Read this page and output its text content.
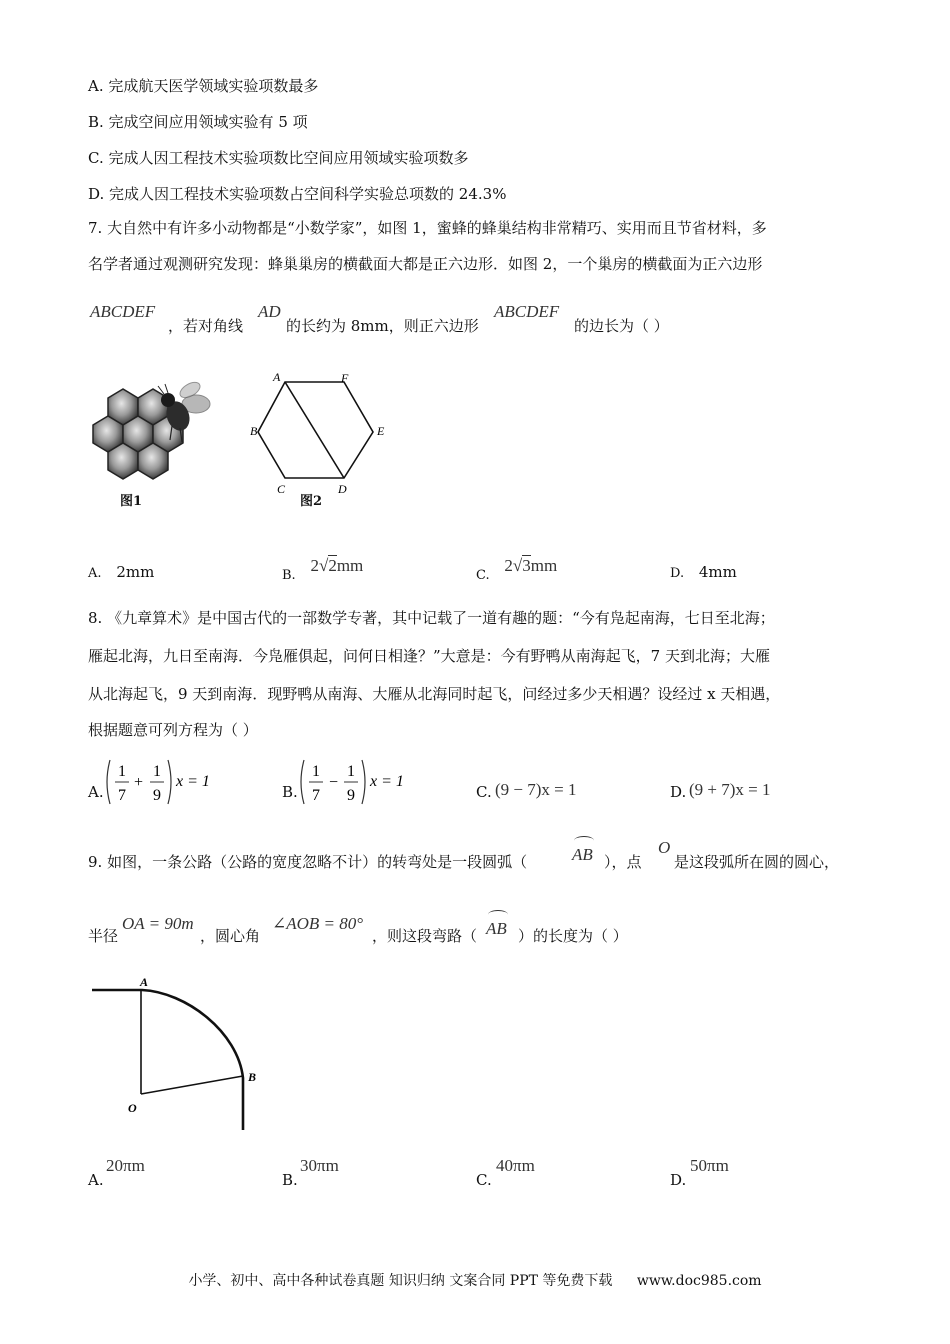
A. 完成航天医学领域实验项数最多
B. 完成空间应用领域实验有 5 项
C. 完成人因工程技术实验项数比空间应用领域实验项数多
D. 完成人因工程技术实验项数占空间科学实验总项数的 24.3%
7. 大自然中有许多小动物都是“小数学家”，如图 1，蜜蜂的蜂巢结构非常精巧、实用而且节省材料，多
名学者通过观测研究发现：蜂巢巢房的横截面大都是正六边形．如图 2，一个巢房的横截面为正六边形
ABCDEF
，若对角线
AD
的长约为 8mm，则正六边形
ABCDEF
的边长为（ ）
图1
A	F
B	E
C	D
图2
A. 2mm	B. 2√2mm
C. 2√3mm	D. 4mm
8. 《九章算术》是中国古代的一部数学专著，其中记载了一道有趣的题：“今有凫起南海，七日至北海；
雁起北海，九日至南海．今凫雁俱起，问何日相逢？”大意是：今有野鸭从南海起飞，7 天到北海；大雁
从北海起飞，9 天到南海．现野鸭从南海、大雁从北海同时起飞，问经过多少天相遇？设经过 x 天相遇，
根据题意可列方程为（ ）
A.
1
7
+
1
9
x = 1
B.
1
7
−
1
9
x = 1
C. (9 − 7)x = 1	D. (9 + 7)x = 1
9. 如图，一条公路（公路的宽度忽略不计）的转弯处是一段圆弧（	AB ），点
O
是这段弧所在圆的圆心，
半径
OA = 90m
，圆心角
∠AOB = 80°
，则这段弯路（ AB ）的长度为（ ）
A
B
O
A.
20πm
B.
30πm
C.
40πm
D.
50πm
小学、初中、高中各种试卷真题 知识归纳 文案合同 PPT 等免费下载 www.doc985.com
